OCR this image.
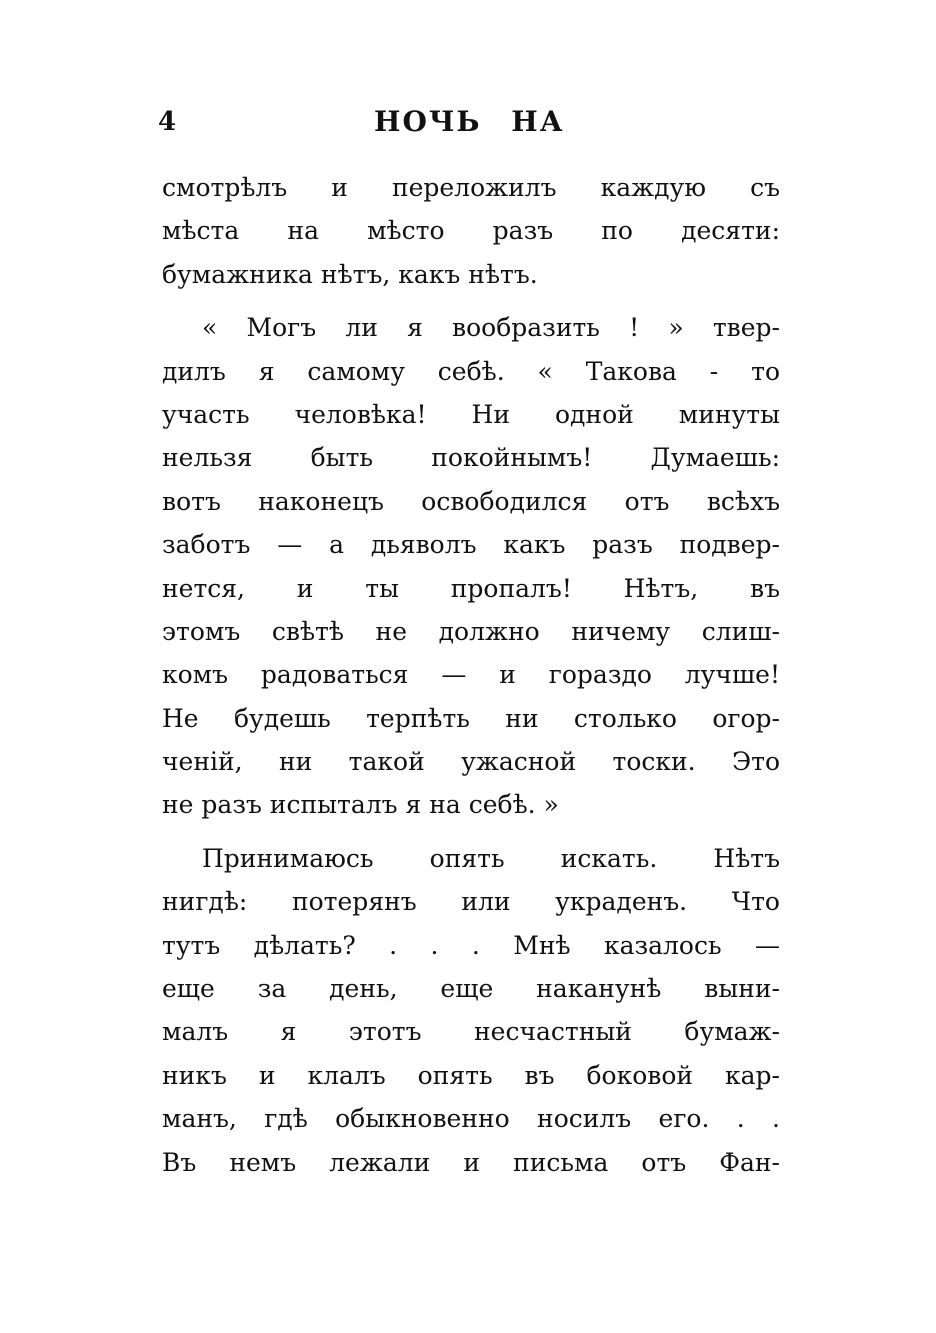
4	НОЧЬ НА
смотрѣлъ и переложилъ каждую съ
мѣста на мѣсто разъ по десяти:
бумажника нѣтъ, какъ нѣтъ.
« Могъ ли я вообразить ! » твер-
дилъ я самому себѣ. « Такова - то
участь человѣка! Ни одной минуты
нельзя быть покойнымъ! Думаешь:
вотъ наконецъ освободился отъ всѣхъ
заботъ — а дьяволъ какъ разъ подвер-
нется, и ты пропалъ! Нѣтъ, въ
этомъ свѣтѣ не должно ничему слиш-
комъ радоваться — и гораздо лучше!
Не будешь терпѣть ни столько огор-
ченій, ни такой ужасной тоски. Это
не разъ испыталъ я на себѣ. »
Принимаюсь опять искать. Нѣтъ
нигдѣ: потерянъ или украденъ. Что
тутъ дѣлать? . . . Мнѣ казалось —
еще за день, еще наканунѣ выни-
малъ я этотъ несчастный бумаж-
никъ и клалъ опять въ боковой кар-
манъ, гдѣ обыкновенно носилъ его. . .
Въ немъ лежали и письма отъ Фан-
